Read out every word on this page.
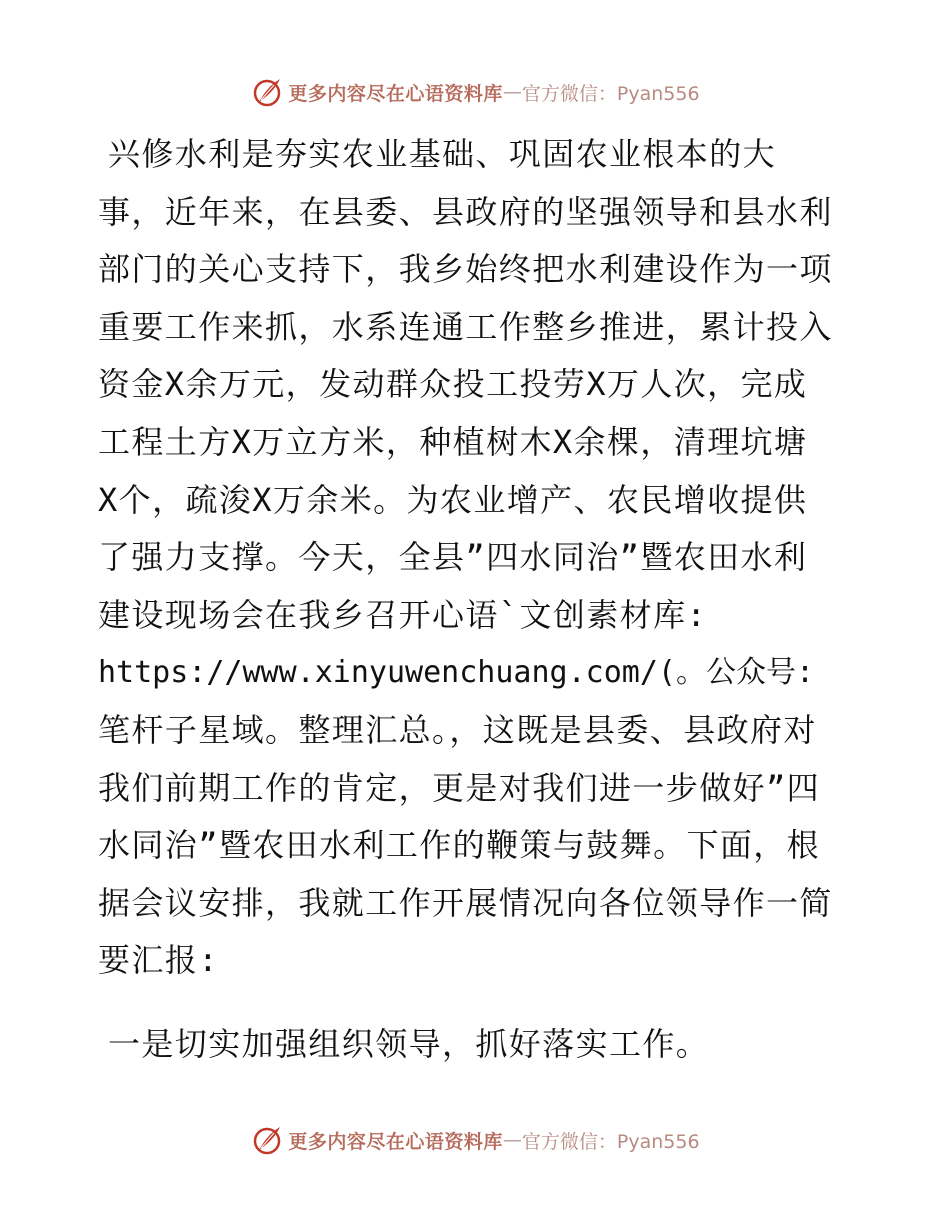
更多内容尽在心语资料库 — 官方微信：Pyan556
兴修水利是夯实农业基础、巩固农业根本的大
事，近年来，在县委、县政府的坚强领导和县水利
部门的关心支持下，我乡始终把水利建设作为一项
重要工作来抓，水系连通工作整乡推进，累计投入
资金X余万元，发动群众投工投劳X万人次，完成
工程土方X万立方米，种植树木X余棵，清理坑塘
X个，疏浚X万余米。为农业增产、农民增收提供
了强力支撑。今天，全县”四水同治”暨农田水利
建设现场会在我乡召开心语`文创素材库:
https://www.xinyuwenchuang.com/(。公众号:
笔杆子星域。整理汇总。，这既是县委、县政府对
我们前期工作的肯定，更是对我们进一步做好”四
水同治”暨农田水利工作的鞭策与鼓舞。下面，根
据会议安排，我就工作开展情况向各位领导作一简
要汇报:
一是切实加强组织领导，抓好落实工作。
更多内容尽在心语资料库 — 官方微信：Pyan556
